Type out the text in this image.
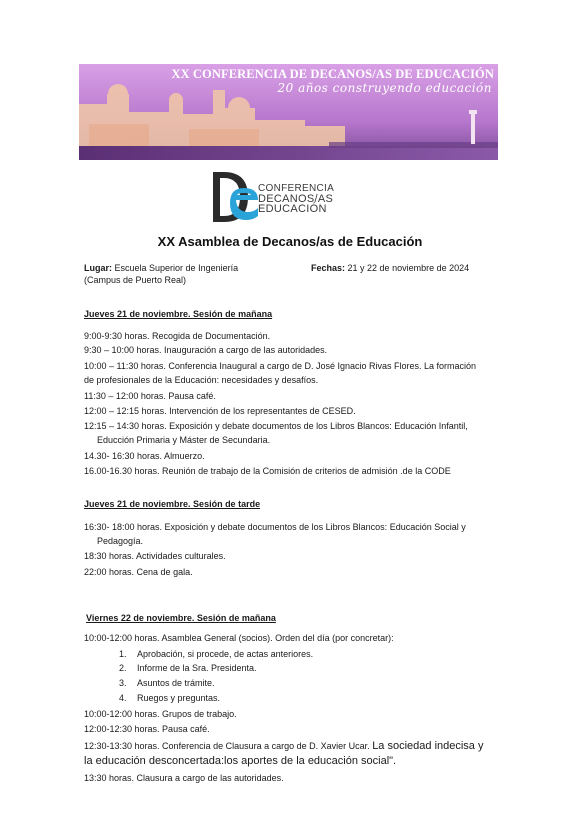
XX CONFERENCIA DE DECANOS/AS DE EDUCACIÓN
20 años construyendo educación
CONFERENCIA
DECANOS/AS
EDUCACIÓN
XX Asamblea de Decanos/as de Educación
Lugar: Escuela Superior de Ingeniería
(Campus de Puerto Real)
Fechas: 21 y 22 de noviembre de 2024
Jueves 21 de noviembre. Sesión de mañana
9:00-9:30 horas. Recogida de Documentación.
9:30 – 10:00 horas. Inauguración a cargo de las autoridades.
10:00 – 11:30 horas. Conferencia Inaugural a cargo de D. José Ignacio Rivas Flores. La formación
de profesionales de la Educación: necesidades y desafíos.
11:30 – 12:00 horas. Pausa café.
12:00 – 12:15 horas. Intervención de los representantes de CESED.
12:15 – 14:30 horas. Exposición y debate documentos de los Libros Blancos: Educación Infantil,
Educción Primaria y Máster de Secundaria.
14.30- 16:30 horas. Almuerzo.
16.00-16.30 horas. Reunión de trabajo de la Comisión de criterios de admisión .de la CODE
Jueves 21 de noviembre. Sesión de tarde
16:30- 18:00 horas. Exposición y debate documentos de los Libros Blancos: Educación Social y
Pedagogía.
18:30 horas. Actividades culturales.
22:00 horas. Cena de gala.
Viernes 22 de noviembre. Sesión de mañana
10:00-12:00 horas. Asamblea General (socios). Orden del día (por concretar):
1. Aprobación, si procede, de actas anteriores.
2. Informe de la Sra. Presidenta.
3. Asuntos de trámite.
4. Ruegos y preguntas.
10:00-12:00 horas. Grupos de trabajo.
12:00-12:30 horas. Pausa café.
12:30-13:30 horas. Conferencia de Clausura a cargo de D. Xavier Ucar. La sociedad indecisa y
la educación desconcertada:los aportes de la educación social".
13:30 horas. Clausura a cargo de las autoridades.
